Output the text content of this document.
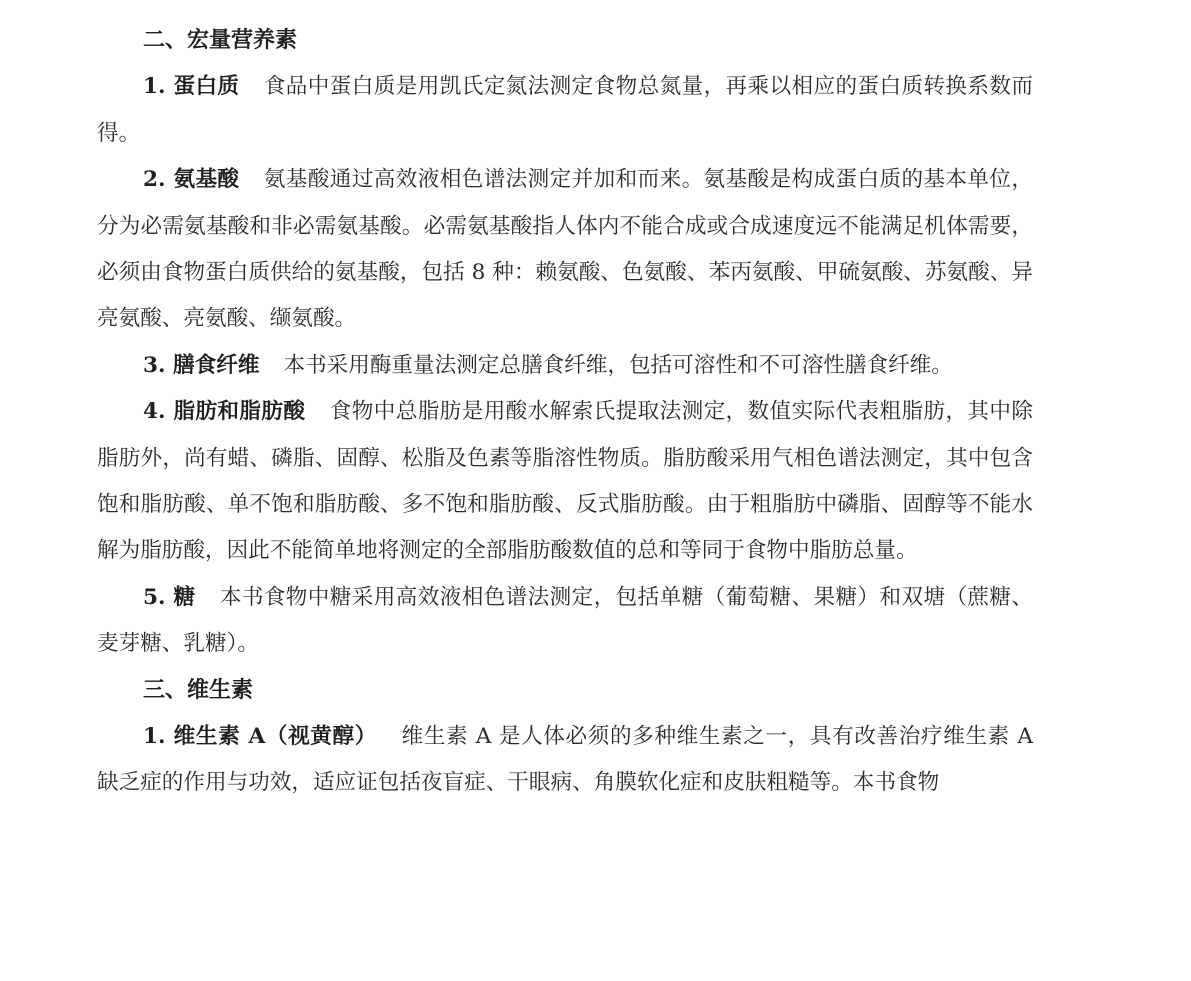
二、宏量营养素

1. 蛋白质 食品中蛋白质是用凯氏定氮法测定食物总氮量，再乘以相应的蛋白质转换系数而得。

2. 氨基酸 氨基酸通过高效液相色谱法测定并加和而来。氨基酸是构成蛋白质的基本单位，分为必需氨基酸和非必需氨基酸。必需氨基酸指人体内不能合成或合成速度远不能满足机体需要，必须由食物蛋白质供给的氨基酸，包括 8 种：赖氨酸、色氨酸、苯丙氨酸、甲硫氨酸、苏氨酸、异亮氨酸、亮氨酸、缬氨酸。

3. 膳食纤维 本书采用酶重量法测定总膳食纤维，包括可溶性和不可溶性膳食纤维。

4. 脂肪和脂肪酸 食物中总脂肪是用酸水解索氏提取法测定，数值实际代表粗脂肪，其中除脂肪外，尚有蜡、磷脂、固醇、松脂及色素等脂溶性物质。脂肪酸采用气相色谱法测定，其中包含饱和脂肪酸、单不饱和脂肪酸、多不饱和脂肪酸、反式脂肪酸。由于粗脂肪中磷脂、固醇等不能水解为脂肪酸，因此不能简单地将测定的全部脂肪酸数值的总和等同于食物中脂肪总量。

5. 糖 本书食物中糖采用高效液相色谱法测定，包括单糖（葡萄糖、果糖）和双塘（蔗糖、麦芽糖、乳糖）。

三、维生素

1. 维生素 A（视黄醇） 维生素 A 是人体必须的多种维生素之一，具有改善治疗维生素 A 缺乏症的作用与功效，适应证包括夜盲症、干眼病、角膜软化症和皮肤粗糙等。本书食物
